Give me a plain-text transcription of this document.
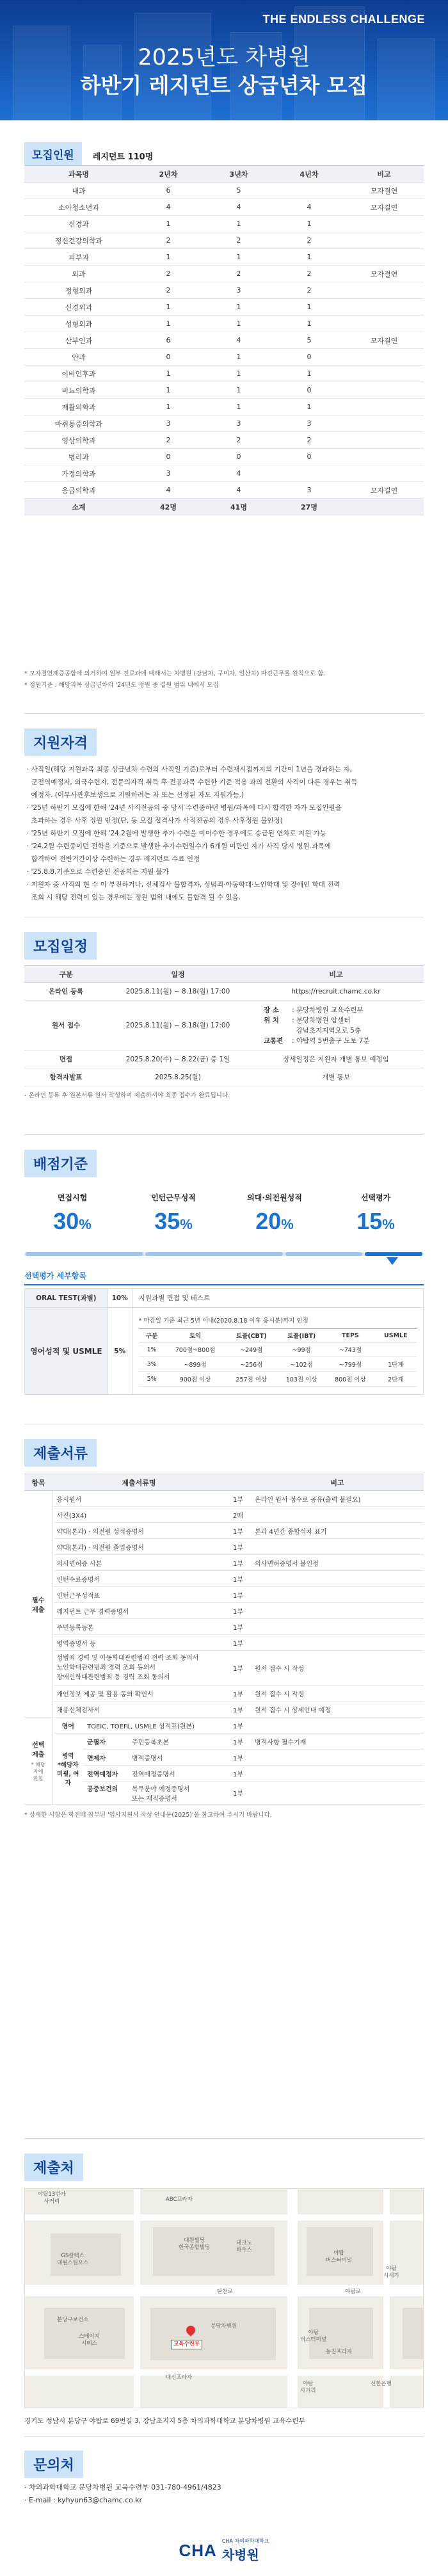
THE ENDLESS CHALLENGE
2025년도 차병원
하반기 레지던트 상급년차 모집
모집인원 레지던트 110명
과목명	2년차	3년차	4년차	비고
내과	6	5		모자결연
소아청소년과	4	4	4	모자결연
신경과	1	1	1	
정신건강의학과	2	2	2	
피부과	1	1	1	
외과	2	2	2	모자결연
정형외과	2	3	2	
신경외과	1	1	1	
성형외과	1	1	1	
산부인과	6	4	5	모자결연
안과	0	1	0	
이비인후과	1	1	1	
비뇨의학과	1	1	0	
재활의학과	1	1	1	
마취통증의학과	3	3	3	
영상의학과	2	2	2	
병리과	0	0	0	
가정의학과	3	4		
응급의학과	4	4	3	모자결연
소계	42명	41명	27명	
* 모자결연제증공합에 의거하여 일부 진료과에 대해서는 차병원 (강남차, 구미차, 일산차) 파견근무를 원칙으로 함.
* 정원기준 : 해당과목 상급년차의 '24년도 정원 중 결원 범위 내에서 모집
지원자격
· 사직일(해당 지원과목 최종 상급년차 수련의 사직일 기준)로부터 수련재시점까지의 기간이 1년을 경과하는 자,
군전역예정자, 외국수련자, 전문의자격 취득 후 전공과목 수련한 기준 적용 과의 전환의 사직이 다른 경우는 취득
예정자. (이무사관후보생으로 지원하려는 자 또는 선정된 자도 지원가능.)
· '25년 하반기 모집에 한해 '24년 사직전공의 중 당시 수련종하던 병원/과목에 다시 합격한 자가 모집인원을
초과하는 경우 사후 정원 인정(단, 동 모집 접격사가 사직전공의 경우 사후정원 불인정)
· '25년 하반기 모집에 한해 '24.2월에 발생한 추가 수련을 미이수한 경우에도 승급된 연차로 지원 가능
· '24.2월 수련중이던 전학을 기준으로 발생한 추가수련일수가 6개월 미만인 자가 사직 당시 병원.과목에
합격하여 전반기간이상 수련하는 경우 레지던트 수료 인정
· '25.8.8.기준으로 수련중인 전공의는 지원 불가
· 지원자 중 사직의 현 수 이 부진하거나, 신체검사 불합격자, 성범죄·아동학대·노인학대 및 장애인 학대 전력
조회 시 해당 전력이 있는 경우에는 정원 범위 내에도 불합격 될 수 있음.
모집일정
구분	일정	비고
온라인 등록	2025.8.11(월) ~ 8.18(월) 17:00	https://recruit.chamc.co.kr
원서 접수	2025.8.11(월) ~ 8.18(월) 17:00	장 소 : 분당차병원 교육수련부
위 치 : 분당차병원 암센터
강남초지지역오로 5층
교통편 : 야탑역 5번출구 도보 7분

면접	2025.8.20(수) ~ 8.22(금) 중 1일	상세일정은 지원자 개별 통보 예정임
합격자발표	2025.8.25(월)	개별 통보
- 온라인 등록 후 원본서류 원서 작성하며 제출하셔야 최종 접수가 완료됩니다.
배점기준
면접시험
30%
인턴근무성적
35%
의대·의전원성적
20%
선택평가
15%
선택평가 세부항목
ORAL TEST(과별)	10%	지원과별 면접 및 테스트
영어성적 및 USMLE	5%	
* 마감일 기준 최근 5년 이내(2020.8.18 이후 응시분)까지 인정
구분	토익	토플(CBT)	토플(IBT)	TEPS	USMLE
1%	700점~800점	~249점	~99점	~743점	
3%	~899점	~256점	~102점	~799점	1단계
5%	900점 이상	257점 이상	103점 이상	800점 이상	2단계
제출서류
항목	제출서류명			비고
필수
제출	응시원서		1부	온라인 원서 접수로 공유(출력 불필요)
	사진(3X4)		2매	
	약대(본과) · 의전원 성적증명서		1부	본과 4년간 종합석차 표기
	약대(본과) · 의전원 졸업증명서		1부	
	의사면허증 사본		1부	의사면허증명서 불인정
	인턴수료증명서		1부	
	인턴근무성적표		1부	
	레지던트 근무 경력증명서		1부	
	주민등록등본		1부	
	병역증명서 등		1부	
	성범죄 경력 및 아동학대관련범죄 전력 조회 동의서
노인학대관련범죄 경력 조회 동의서
장애인학대관련범죄 등 경력 조회 동의서		1부	원서 접수 시 작성
	개인정보 제공 및 활용 동의 확인서		1부	원서 접수 시 작성
	채용신체검사서		1부	원서 접수 시 상세안내 예정

선택
제출
* 해당
자에
한함	영어	TOEIC, TOEFL, USMLE 성적표(원본)	1부	
	병역
*해당자
미필, 여자	군필자 주민등록초본	1부	병적사항 필수기재
		면제자 병적증명서	1부	
		전역예정자 전역예정증명서	1부	
		공중보건의 복무분야 예정증명서
또는 재직증명서	1부	
* 상세한 사항은 학전배 참부된 '입사지원서 작성 안내문(2025)'을 참고하여 주시기 바랍니다.
제출처
야탑13번가
사거리	ABC프라자
대원빌딩
한국종합빌딩
테크노
하우스	야탑
버스터미널
GS칼텍스
대원스틸오스
분당구보건소
스테이지
시메스	교육수련부
분당차병원
대신프라자
야탑
버스터미널
야탑
사거리
동진프라자
야탑
시세기
신한은행
탄천로	야탑로
경기도 성남시 분당구 야탑로 69번길 3, 강남초지지 5층 차의과학대학교 분당차병원 교육수련부
문의처
· 차의과학대학교 분당차병원 교육수련부 031-780-4961/4823
· E-mail : kyhyun63@chamc.co.kr
CHA CHA 차의과학대학교
차병원
